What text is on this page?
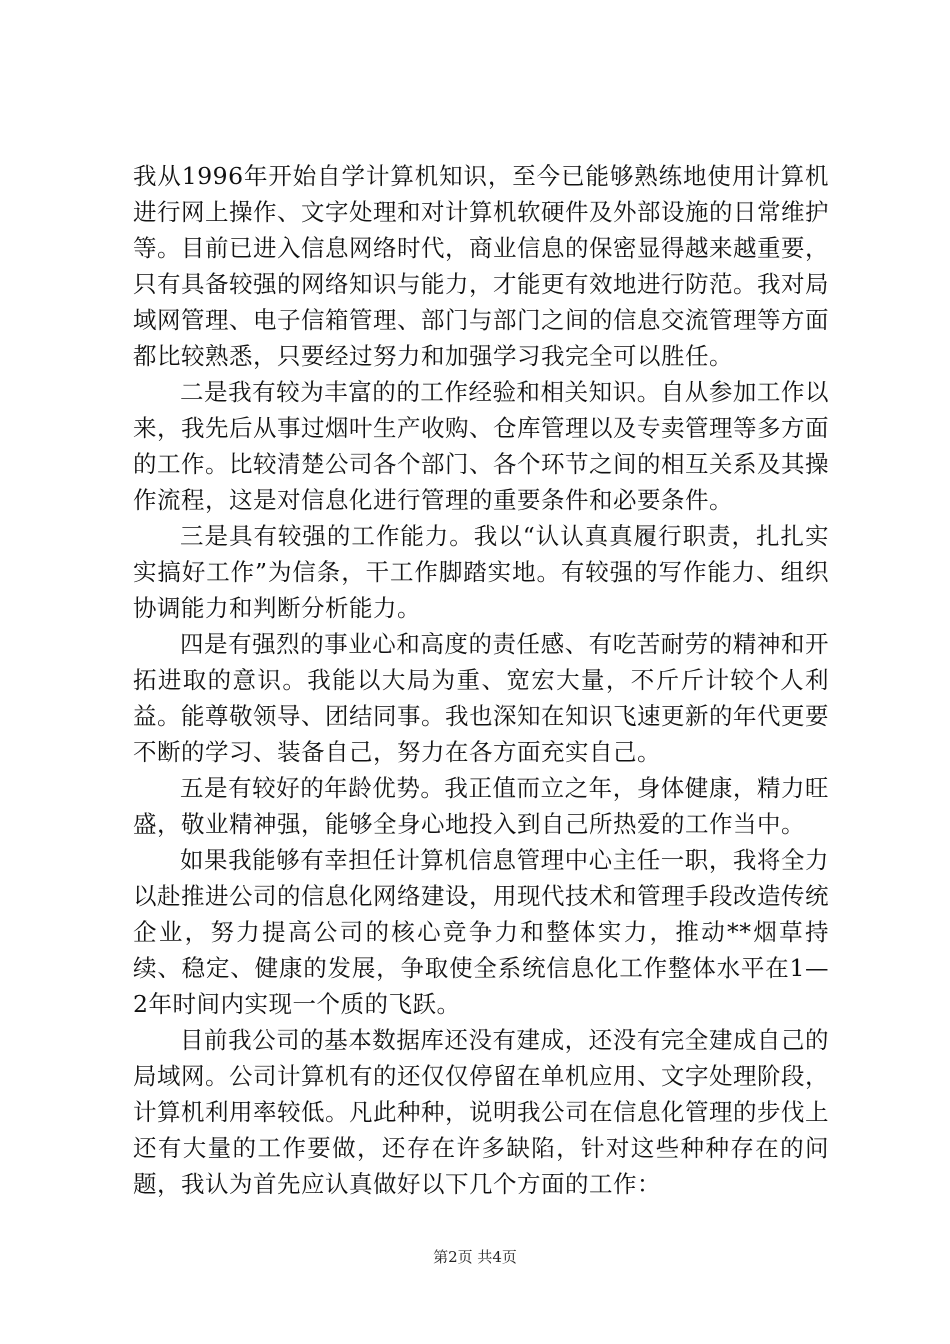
我从1996年开始自学计算机知识，至今已能够熟练地使用计算机进行网上操作、文字处理和对计算机软硬件及外部设施的日常维护等。目前已进入信息网络时代，商业信息的保密显得越来越重要，只有具备较强的网络知识与能力，才能更有效地进行防范。我对局域网管理、电子信箱管理、部门与部门之间的信息交流管理等方面都比较熟悉，只要经过努力和加强学习我完全可以胜任。

二是我有较为丰富的的工作经验和相关知识。自从参加工作以来，我先后从事过烟叶生产收购、仓库管理以及专卖管理等多方面的工作。比较清楚公司各个部门、各个环节之间的相互关系及其操作流程，这是对信息化进行管理的重要条件和必要条件。

三是具有较强的工作能力。我以“认认真真履行职责，扎扎实实搞好工作”为信条，干工作脚踏实地。有较强的写作能力、组织协调能力和判断分析能力。

四是有强烈的事业心和高度的责任感、有吃苦耐劳的精神和开拓进取的意识。我能以大局为重、宽宏大量，不斤斤计较个人利益。能尊敬领导、团结同事。我也深知在知识飞速更新的年代更要不断的学习、装备自己，努力在各方面充实自己。

五是有较好的年龄优势。我正值而立之年，身体健康，精力旺盛，敬业精神强，能够全身心地投入到自己所热爱的工作当中。

如果我能够有幸担任计算机信息管理中心主任一职，我将全力以赴推进公司的信息化网络建设，用现代技术和管理手段改造传统企业，努力提高公司的核心竞争力和整体实力，推动**烟草持续、稳定、健康的发展，争取使全系统信息化工作整体水平在1—2年时间内实现一个质的飞跃。

目前我公司的基本数据库还没有建成，还没有完全建成自己的局域网。公司计算机有的还仅仅停留在单机应用、文字处理阶段，计算机利用率较低。凡此种种，说明我公司在信息化管理的步伐上还有大量的工作要做，还存在许多缺陷，针对这些种种存在的问题，我认为首先应认真做好以下几个方面的工作：

第2页 共4页
